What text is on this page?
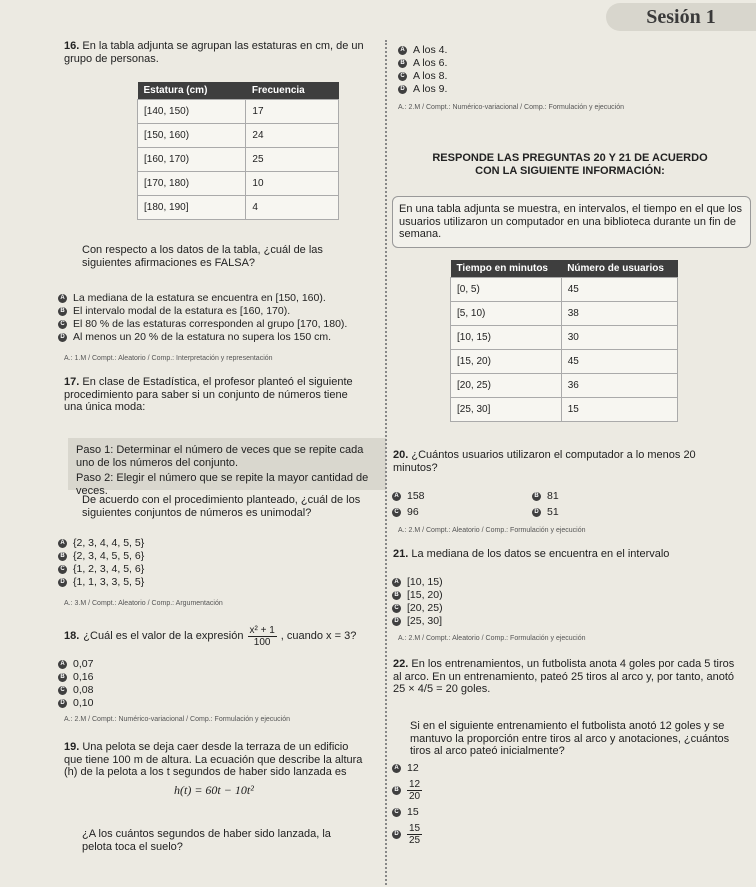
Sesión 1
16. En la tabla adjunta se agrupan las estaturas en cm, de un grupo de personas.
Estatura (cm)	Frecuencia
[140, 150)	17
[150, 160)	24
[160, 170)	25
[170, 180)	10
[180, 190]	4
Con respecto a los datos de la tabla, ¿cuál de las siguientes afirmaciones es FALSA?
A La mediana de la estatura se encuentra en [150, 160).
B El intervalo modal de la estatura es [160, 170).
C El 80 % de las estaturas corresponden al grupo [170, 180).
D Al menos un 20 % de la estatura no supera los 150 cm.
A.: 1.M / Compt.: Aleatorio / Comp.: Interpretación y representación
17. En clase de Estadística, el profesor planteó el siguiente procedimiento para saber si un conjunto de números tiene una única moda:
Paso 1: Determinar el número de veces que se repite cada uno de los números del conjunto.
Paso 2: Elegir el número que se repite la mayor cantidad de veces.
De acuerdo con el procedimiento planteado, ¿cuál de los siguientes conjuntos de números es unimodal?
A {2, 3, 4, 4, 5, 5}
B {2, 3, 4, 5, 5, 6}
C {1, 2, 3, 4, 5, 6}
D {1, 1, 3, 3, 5, 5}
A.: 3.M / Compt.: Aleatorio / Comp.: Argumentación
18. ¿Cuál es el valor de la expresión $\frac{\text{x² + 1}}{100}$ , cuando x = 3?
A 0,07
B 0,16
C 0,08
D 0,10
A.: 2.M / Compt.: Numérico-variacional / Comp.: Formulación y ejecución
19. Una pelota se deja caer desde la terraza de un edificio que tiene 100 m de altura. La ecuación que describe la altura (h) de la pelota a los t segundos de haber sido lanzada es
h(t) = 60t − 10t²
¿A los cuántos segundos de haber sido lanzada, la pelota toca el suelo?
A A los 4.
B A los 6.
C A los 8.
D A los 9.
A.: 2.M / Compt.: Numérico-variacional / Comp.: Formulación y ejecución
RESPONDE LAS PREGUNTAS 20 Y 21 DE ACUERDO
CON LA SIGUIENTE INFORMACIÓN:
En una tabla adjunta se muestra, en intervalos, el tiempo en el que los usuarios utilizaron un computador en una biblioteca durante un fin de semana.
Tiempo en minutos	Número de usuarios
[0, 5)	45
[5, 10)	38
[10, 15)	30
[15, 20)	45
[20, 25)	36
[25, 30]	15
20. ¿Cuántos usuarios utilizaron el computador a lo menos 20 minutos?
A 158	B 81
C 96	D 51
A.: 2.M / Compt.: Aleatorio / Comp.: Formulación y ejecución
21. La mediana de los datos se encuentra en el intervalo
A [10, 15)
B [15, 20)
C [20, 25)
D [25, 30]
A.: 2.M / Compt.: Aleatorio / Comp.: Formulación y ejecución
22. En los entrenamientos, un futbolista anota 4 goles por cada 5 tiros al arco. En un entrenamiento, pateó 25 tiros al arco y, por tanto, anotó 25 × 4/5 = 20 goles.
Si en el siguiente entrenamiento el futbolista anotó 12 goles y se mantuvo la proporción entre tiros al arco y anotaciones, ¿cuántos tiros al arco pateó inicialmente?
A 12
B $\frac{12}{20}$
C 15
D $\frac{15}{25}$
